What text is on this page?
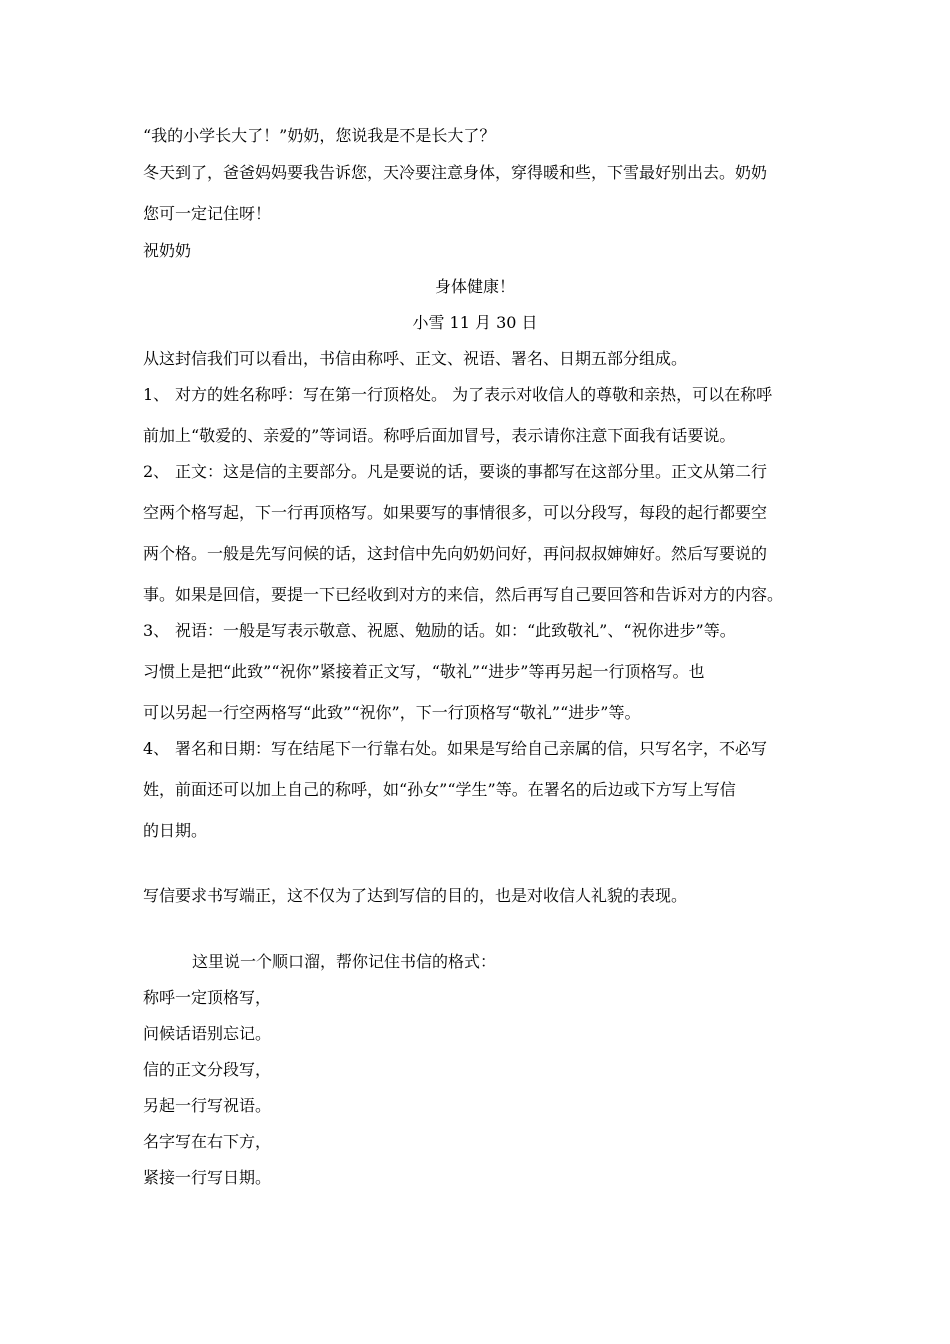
“我的小学长大了！”奶奶，您说我是不是长大了？
冬天到了，爸爸妈妈要我告诉您，天冷要注意身体，穿得暖和些，下雪最好别出去。奶奶
您可一定记住呀！
祝奶奶
身体健康！
小雪 11 月 30 日
从这封信我们可以看出，书信由称呼、正文、祝语、署名、日期五部分组成。
1、 对方的姓名称呼：写在第一行顶格处。 为了表示对收信人的尊敬和亲热，可以在称呼
前加上“敬爱的、亲爱的”等词语。称呼后面加冒号，表示请你注意下面我有话要说。
2、 正文：这是信的主要部分。凡是要说的话，要谈的事都写在这部分里。正文从第二行
空两个格写起，下一行再顶格写。如果要写的事情很多，可以分段写，每段的起行都要空
两个格。一般是先写问候的话，这封信中先向奶奶问好，再问叔叔婶婶好。然后写要说的
事。如果是回信，要提一下已经收到对方的来信，然后再写自己要回答和告诉对方的内容。
3、 祝语：一般是写表示敬意、祝愿、勉励的话。如：“此致敬礼”、“祝你进步”等。
习惯上是把“此致”“祝你”紧接着正文写，“敬礼”“进步”等再另起一行顶格写。也
可以另起一行空两格写“此致”“祝你”，下一行顶格写“敬礼”“进步”等。
4、 署名和日期：写在结尾下一行靠右处。如果是写给自己亲属的信，只写名字，不必写
姓，前面还可以加上自己的称呼，如“孙女”“学生”等。在署名的后边或下方写上写信
的日期。
写信要求书写端正，这不仅为了达到写信的目的，也是对收信人礼貌的表现。
这里说一个顺口溜，帮你记住书信的格式：
称呼一定顶格写，
问候话语别忘记。
信的正文分段写，
另起一行写祝语。
名字写在右下方，
紧接一行写日期。
